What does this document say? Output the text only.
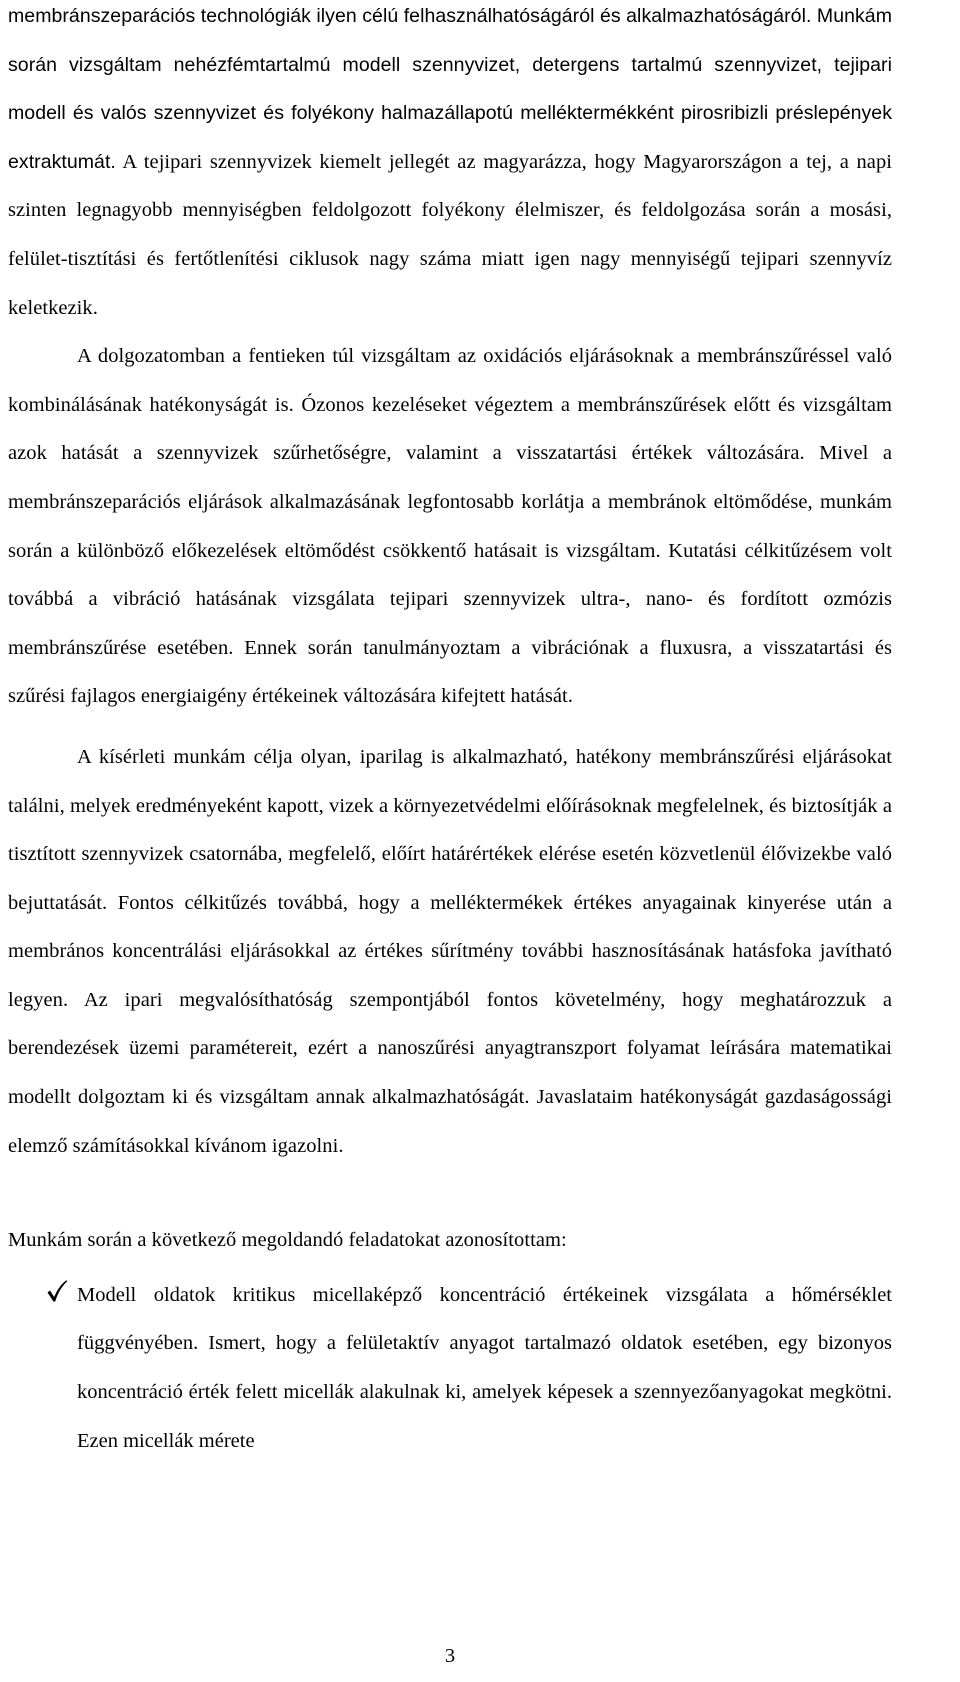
membránszeparációs technológiák ilyen célú felhasználhatóságáról és alkalmazhatóságáról. Munkám során vizsgáltam nehézfémtartalmú modell szennyvizet, detergens tartalmú szennyvizet, tejipari modell és valós szennyvizet és folyékony halmazállapotú melléktermékként pirosribizli préslepények extraktumát. A tejipari szennyvizek kiemelt jellegét az magyarázza, hogy Magyarországon a tej, a napi szinten legnagyobb mennyiségben feldolgozott folyékony élelmiszer, és feldolgozása során a mosási, felület-tisztítási és fertőtlenítési ciklusok nagy száma miatt igen nagy mennyiségű tejipari szennyvíz keletkezik.

A dolgozatomban a fentieken túl vizsgáltam az oxidációs eljárásoknak a membránszűréssel való kombinálásának hatékonyságát is. Ózonos kezeléseket végeztem a membránszűrések előtt és vizsgáltam azok hatását a szennyvizek szűrhetőségre, valamint a visszatartási értékek változására. Mivel a membránszeparációs eljárások alkalmazásának legfontosabb korlátja a membránok eltömődése, munkám során a különböző előkezelések eltömődést csökkentő hatásait is vizsgáltam. Kutatási célkitűzésem volt továbbá a vibráció hatásának vizsgálata tejipari szennyvizek ultra-, nano- és fordított ozmózis membránszűrése esetében. Ennek során tanulmányoztam a vibrációnak a fluxusra, a visszatartási és szűrési fajlagos energiaigény értékeinek változására kifejtett hatását.

A kísérleti munkám célja olyan, iparilag is alkalmazható, hatékony membránszűrési eljárásokat találni, melyek eredményeként kapott, vizek a környezetvédelmi előírásoknak megfelelnek, és biztosítják a tisztított szennyvizek csatornába, megfelelő, előírt határértékek elérése esetén közvetlenül élővizekbe való bejuttatását. Fontos célkitűzés továbbá, hogy a melléktermékek értékes anyagainak kinyerése után a membrános koncentrálási eljárásokkal az értékes sűrítmény további hasznosításának hatásfoka javítható legyen. Az ipari megvalósíthatóság szempontjából fontos követelmény, hogy meghatározzuk a berendezések üzemi paramétereit, ezért a nanoszűrési anyagtranszport folyamat leírására matematikai modellt dolgoztam ki és vizsgáltam annak alkalmazhatóságát. Javaslataim hatékonyságát gazdaságossági elemző számításokkal kívánom igazolni.

Munkám során a következő megoldandó feladatokat azonosítottam:

Modell oldatok kritikus micellaképző koncentráció értékeinek vizsgálata a hőmérséklet függvényében. Ismert, hogy a felületaktív anyagot tartalmazó oldatok esetében, egy bizonyos koncentráció érték felett micellák alakulnak ki, amelyek képesek a szennyezőanyagokat megkötni. Ezen micellák mérete
3
